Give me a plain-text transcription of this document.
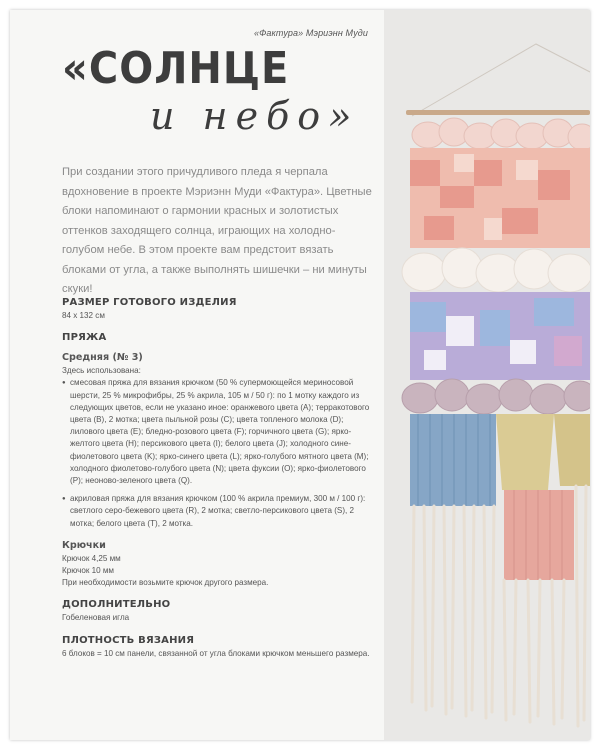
«Фактура» Мэриэнн Муди
«СОЛНЦЕ
и небо»

При создании этого причудливого пледа я черпала вдохновение в проекте Мэриэнн Муди «Фактура». Цветные блоки напоминают о гармонии красных и золотистых оттенков заходящего солнца, играющих на холодно-голубом небе. В этом проекте вам предстоит вязать блоками от угла, а также выполнять шишечки – ни минуты скуки!

РАЗМЕР ГОТОВОГО ИЗДЕЛИЯ

84 х 132 см

ПРЯЖА

Средняя (№ 3)

Здесь использована:

● смесовая пряжа для вязания крючком (50 % супермоющейся мериносовой шерсти, 25 % микрофибры, 25 % акрила, 105 м / 50 г): по 1 мотку каждого из следующих цветов, если не указано иное: оранжевого цвета (A); терракотового цвета (B), 2 мотка; цвета пыльной розы (C); цвета топленого молока (D); лилового цвета (E); бледно-розового цвета (F); горчичного цвета (G); ярко-желтого цвета (H); персикового цвета (I); белого цвета (J); холодного сине-фиолетового цвета (K); ярко-синего цвета (L); ярко-голубого мятного цвета (M); холодного фиолетово-голубого цвета (N); цвета фуксии (O); ярко-фиолетового (P); неоново-зеленого цвета (Q).
● акриловая пряжа для вязания крючком (100 % акрила премиум, 300 м / 100 г): светлого серо-бежевого цвета (R), 2 мотка; светло-персикового цвета (S), 2 мотка; белого цвета (T), 2 мотка.

Крючки

Крючок 4,25 мм

Крючок 10 мм

При необходимости возьмите крючок другого размера.

ДОПОЛНИТЕЛЬНО

Гобеленовая игла

ПЛОТНОСТЬ ВЯЗАНИЯ

6 блоков = 10 см панели, связанной от угла блоками крючком меньшего размера.
